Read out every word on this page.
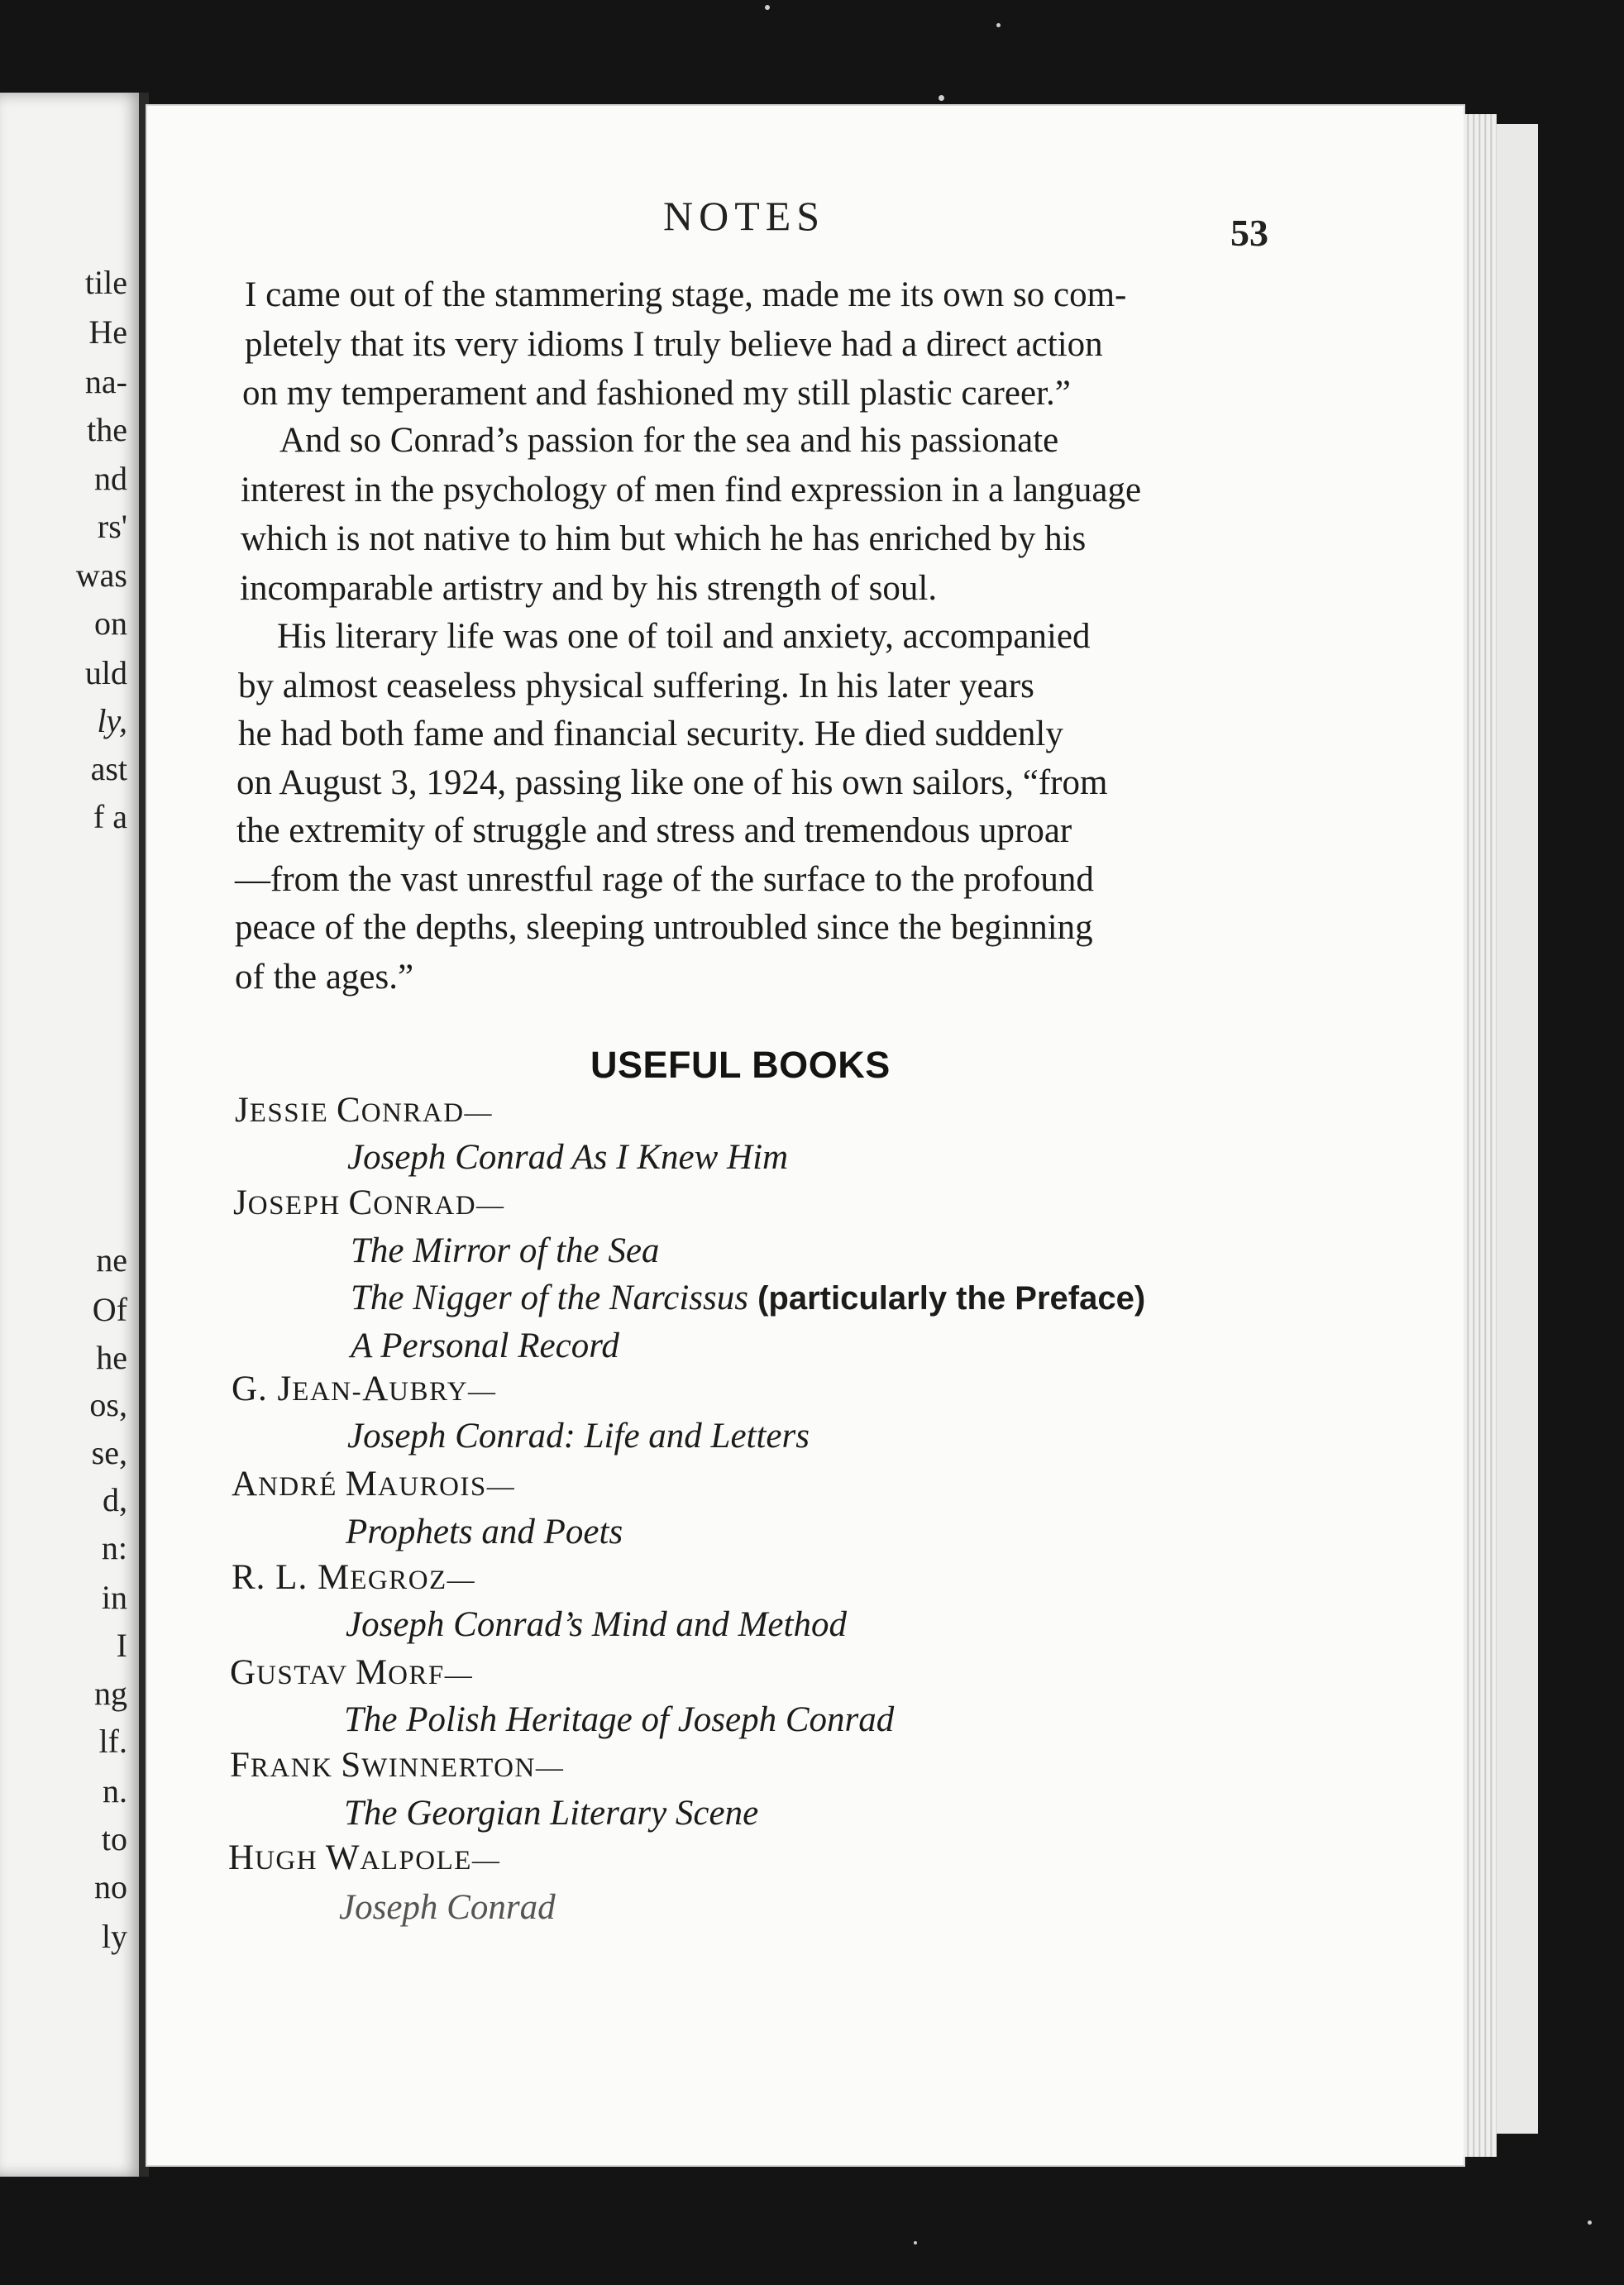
tile
He
na-
the
nd
rs'
was
on
uld
ly,
ast
f a
ne
Of
he
os,
se,
d,
n:
in
I
ng
lf.
n.
to
no
ly
NOTES	53
I came out of the stammering stage, made me its own so com-
pletely that its very idioms I truly believe had a direct action
on my temperament and fashioned my still plastic career.”
And so Conrad’s passion for the sea and his passionate
interest in the psychology of men find expression in a language
which is not native to him but which he has enriched by his
incomparable artistry and by his strength of soul.
His literary life was one of toil and anxiety, accompanied
by almost ceaseless physical suffering. In his later years
he had both fame and financial security. He died suddenly
on August 3, 1924, passing like one of his own sailors, “from
the extremity of struggle and stress and tremendous uproar
—from the vast unrestful rage of the surface to the profound
peace of the depths, sleeping untroubled since the beginning
of the ages.”
USEFUL BOOKS
JESSIE CONRAD—
Joseph Conrad As I Knew Him
JOSEPH CONRAD—
The Mirror of the Sea
The Nigger of the Narcissus (particularly the Preface)
A Personal Record
G. JEAN-AUBRY—
Joseph Conrad: Life and Letters
ANDRÉ MAUROIS—
Prophets and Poets
R. L. MEGROZ—
Joseph Conrad’s Mind and Method
GUSTAV MORF—
The Polish Heritage of Joseph Conrad
FRANK SWINNERTON—
The Georgian Literary Scene
HUGH WALPOLE—
Joseph Conrad
